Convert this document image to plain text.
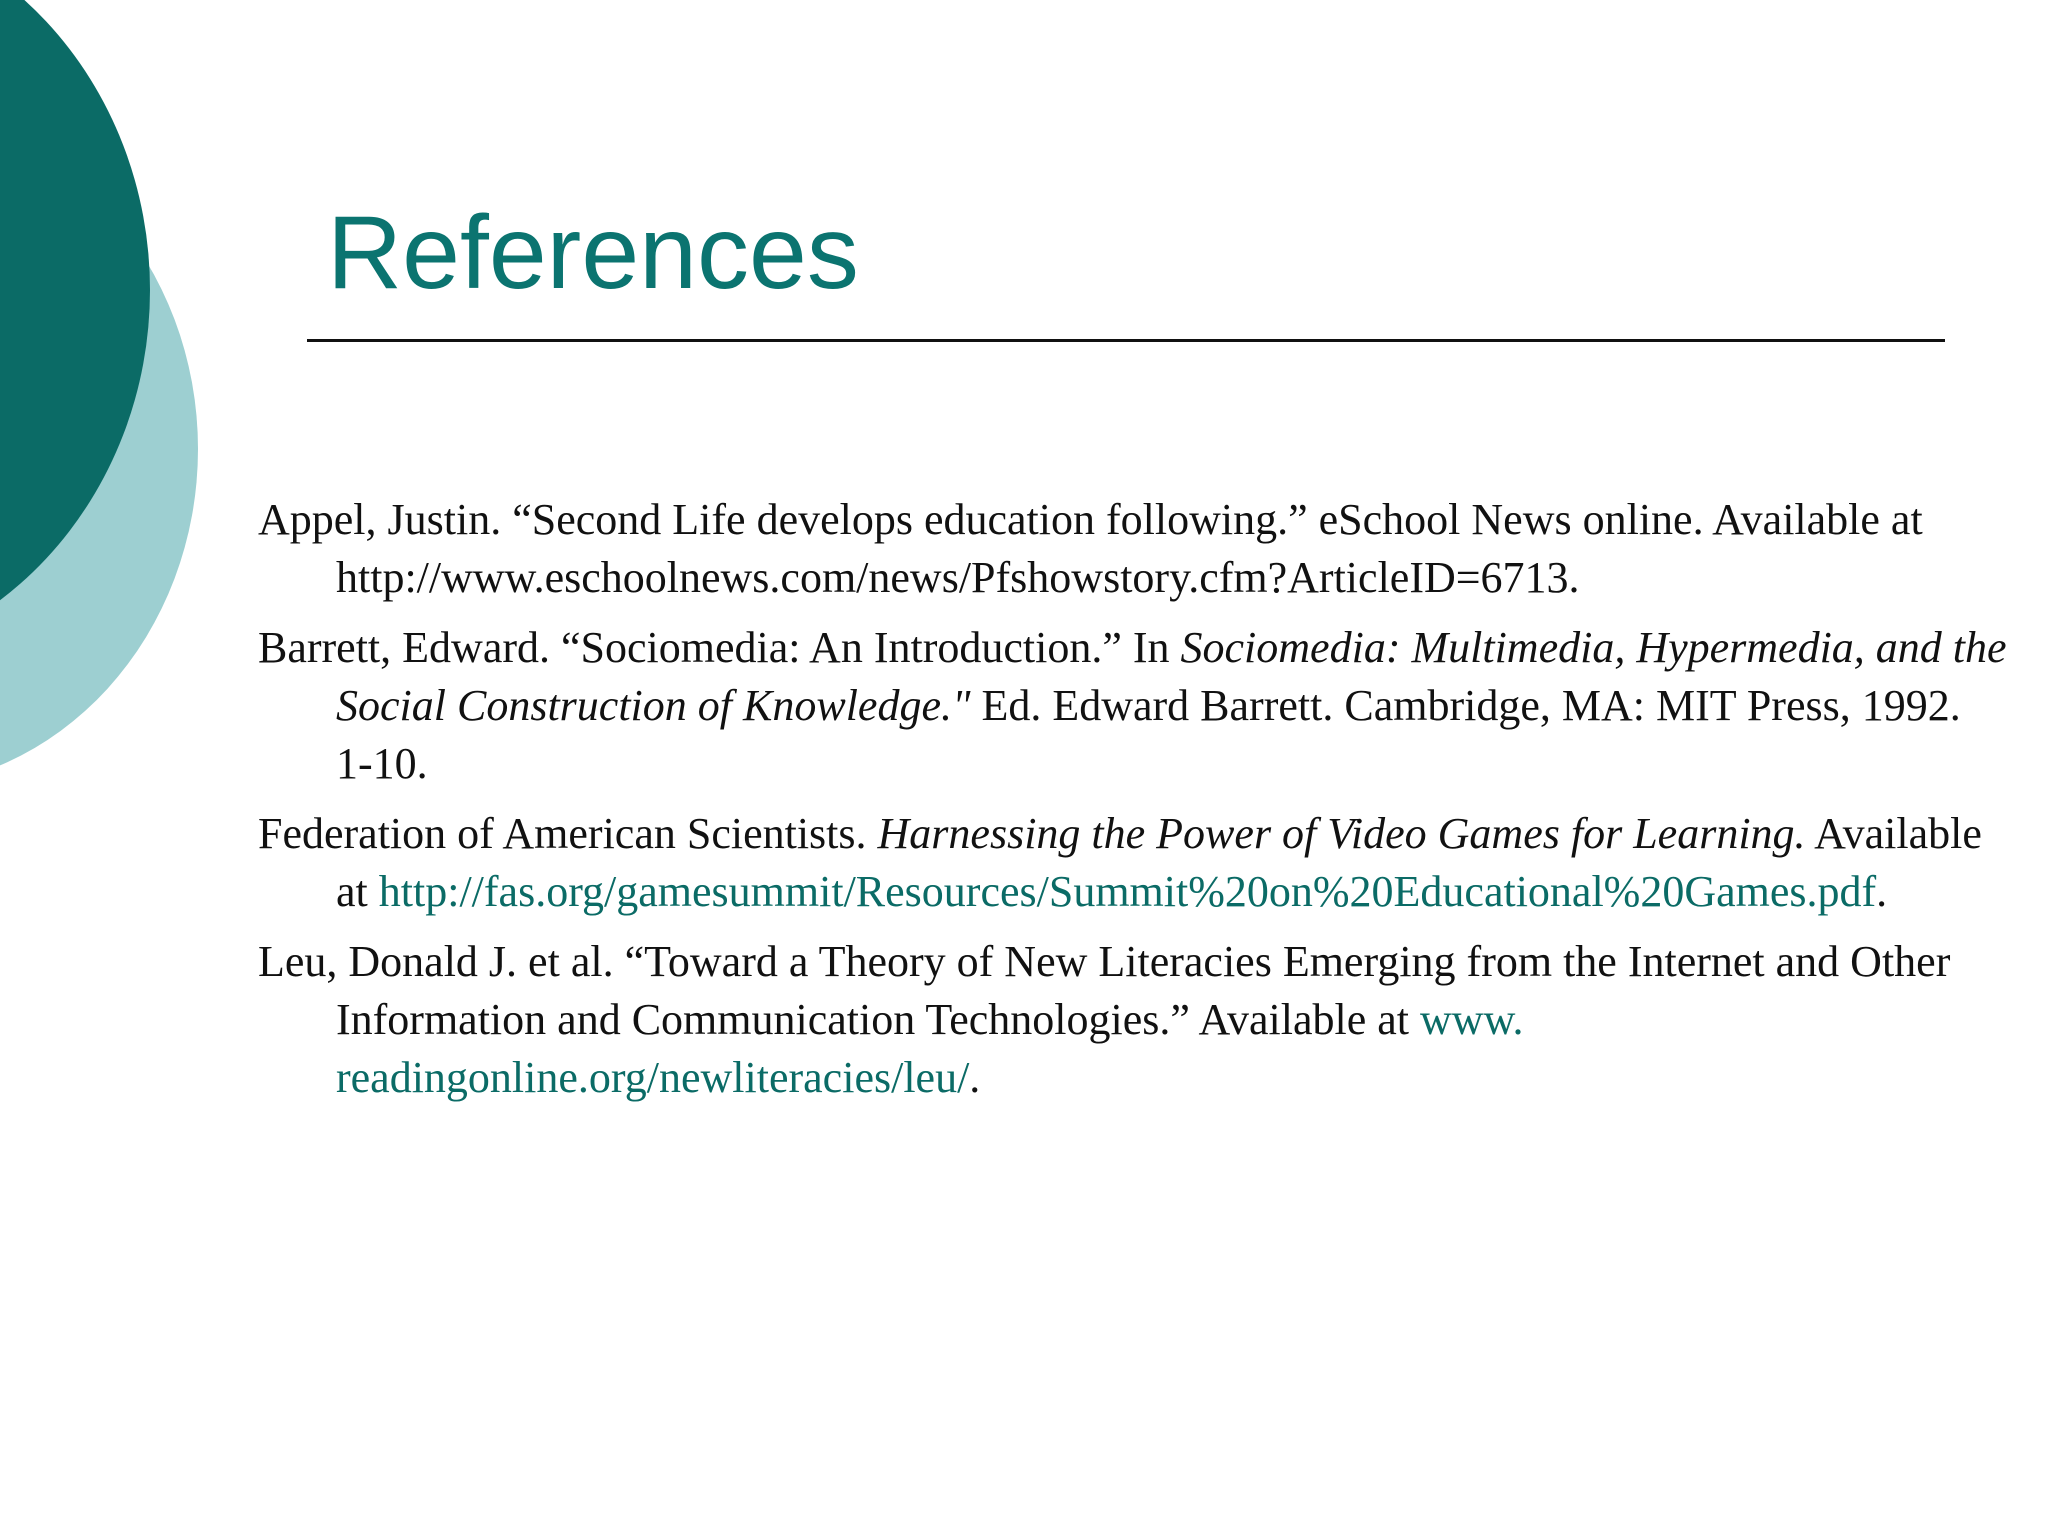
References
Appel, Justin. “Second Life develops education following.” eSchool News online. Available at http://www.eschoolnews.com/news/Pfshowstory.cfm?ArticleID=6713.
Barrett, Edward. “Sociomedia: An Introduction.” In Sociomedia: Multimedia, Hypermedia, and the Social Construction of Knowledge." Ed. Edward Barrett. Cambridge, MA: MIT Press, 1992. 1-10.
Federation of American Scientists. Harnessing the Power of Video Games for Learning. Available at http://fas.org/gamesummit/Resources/Summit%20on%20Educational%20Games.pdf.
Leu, Donald J. et al. “Toward a Theory of New Literacies Emerging from the Internet and Other Information and Communication Technologies.” Available at www. readingonline.org/newliteracies/leu/.
